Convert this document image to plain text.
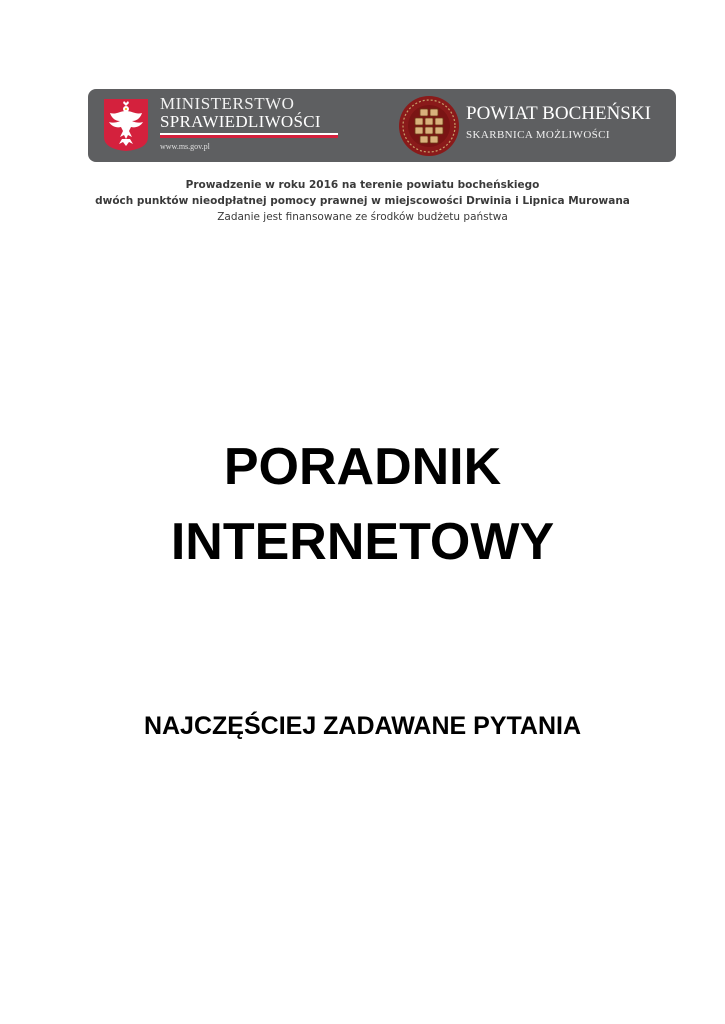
MINISTERSTWO
SPRAWIEDLIWOŚCI
www.ms.gov.pl
POWIAT BOCHEŃSKI
SKARBNICA MOŻLIWOŚCI
Prowadzenie w roku 2016 na terenie powiatu bocheńskiego
dwóch punktów nieodpłatnej pomocy prawnej w miejscowości Drwinia i Lipnica Murowana
Zadanie jest finansowane ze środków budżetu państwa
PORADNIK
INTERNETOWY
NAJCZĘŚCIEJ ZADAWANE PYTANIA
